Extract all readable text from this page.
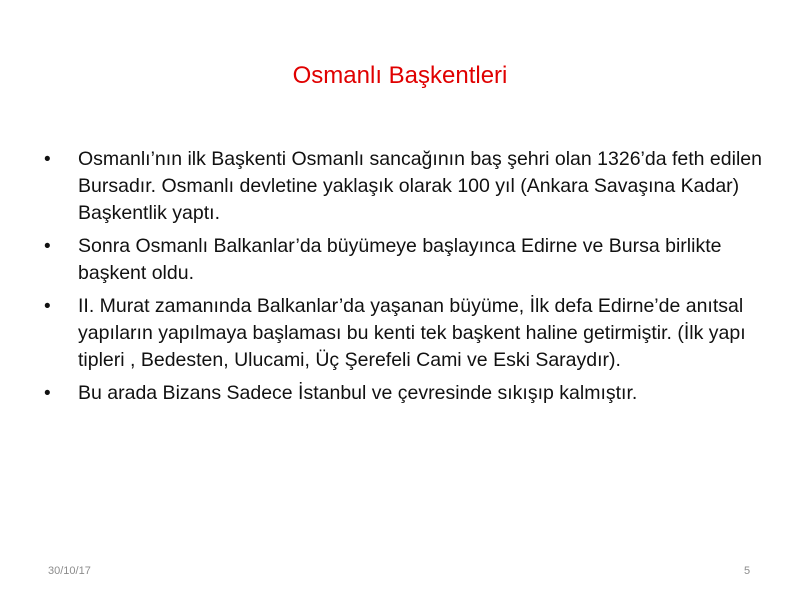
Osmanlı Başkentleri
• Osmanlı’nın ilk Başkenti Osmanlı sancağının baş şehri olan 1326’da feth edilen Bursadır. Osmanlı devletine yaklaşık olarak 100 yıl (Ankara Savaşına Kadar) Başkentlik yaptı.
• Sonra Osmanlı Balkanlar’da büyümeye başlayınca Edirne ve Bursa birlikte başkent oldu.
• II. Murat zamanında Balkanlar’da yaşanan büyüme, İlk defa Edirne’de anıtsal yapıların yapılmaya başlaması bu kenti tek başkent haline getirmiştir. (İlk yapı tipleri , Bedesten, Ulucami, Üç Şerefeli Cami ve Eski Saraydır).
• Bu arada Bizans Sadece İstanbul ve çevresinde sıkışıp kalmıştır.
30/10/17	5
